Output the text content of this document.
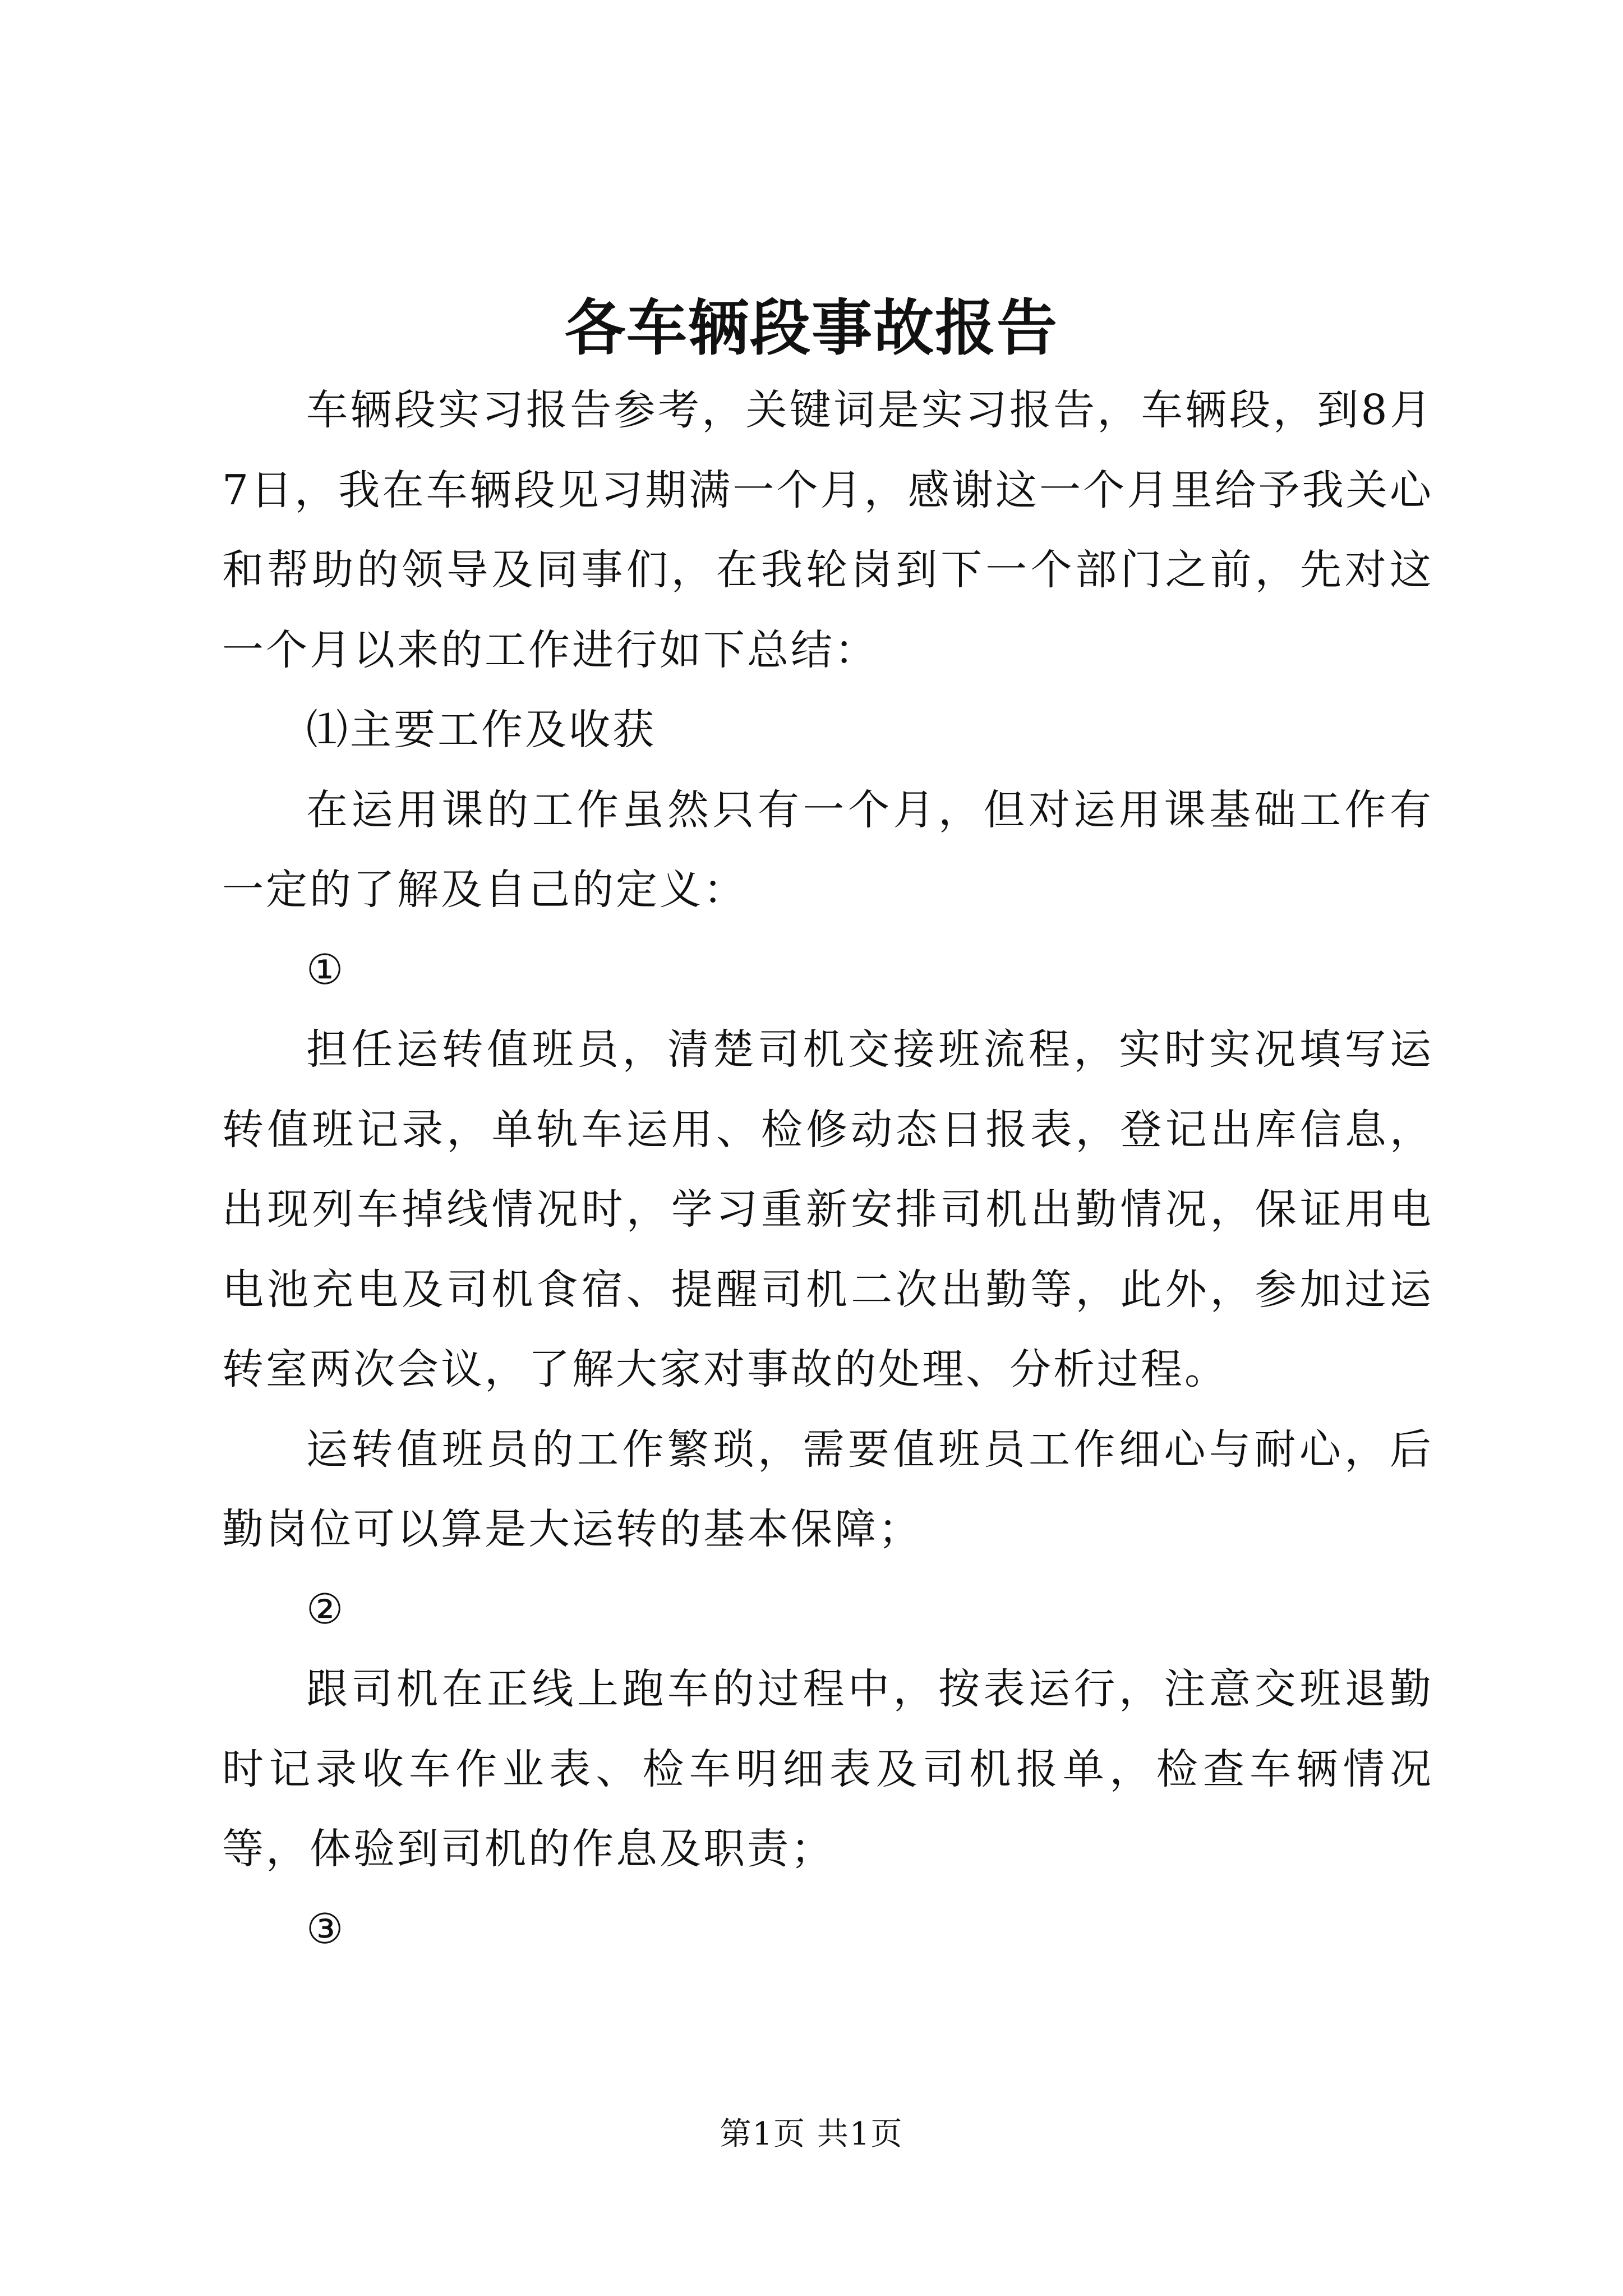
各车辆段事故报告

车辆段实习报告参考，关键词是实习报告，车辆段，到8月7日，我在车辆段见习期满一个月，感谢这一个月里给予我关心和帮助的领导及同事们，在我轮岗到下一个部门之前，先对这一个月以来的工作进行如下总结：

⑴主要工作及收获

在运用课的工作虽然只有一个月，但对运用课基础工作有一定的了解及自己的定义：

①

担任运转值班员，清楚司机交接班流程，实时实况填写运转值班记录，单轨车运用、检修动态日报表，登记出库信息，出现列车掉线情况时，学习重新安排司机出勤情况，保证用电电池充电及司机食宿、提醒司机二次出勤等，此外，参加过运转室两次会议，了解大家对事故的处理、分析过程。

运转值班员的工作繁琐，需要值班员工作细心与耐心，后勤岗位可以算是大运转的基本保障；

②

跟司机在正线上跑车的过程中，按表运行，注意交班退勤时记录收车作业表、检车明细表及司机报单，检查车辆情况等，体验到司机的作息及职责；

③

第1页 共1页
